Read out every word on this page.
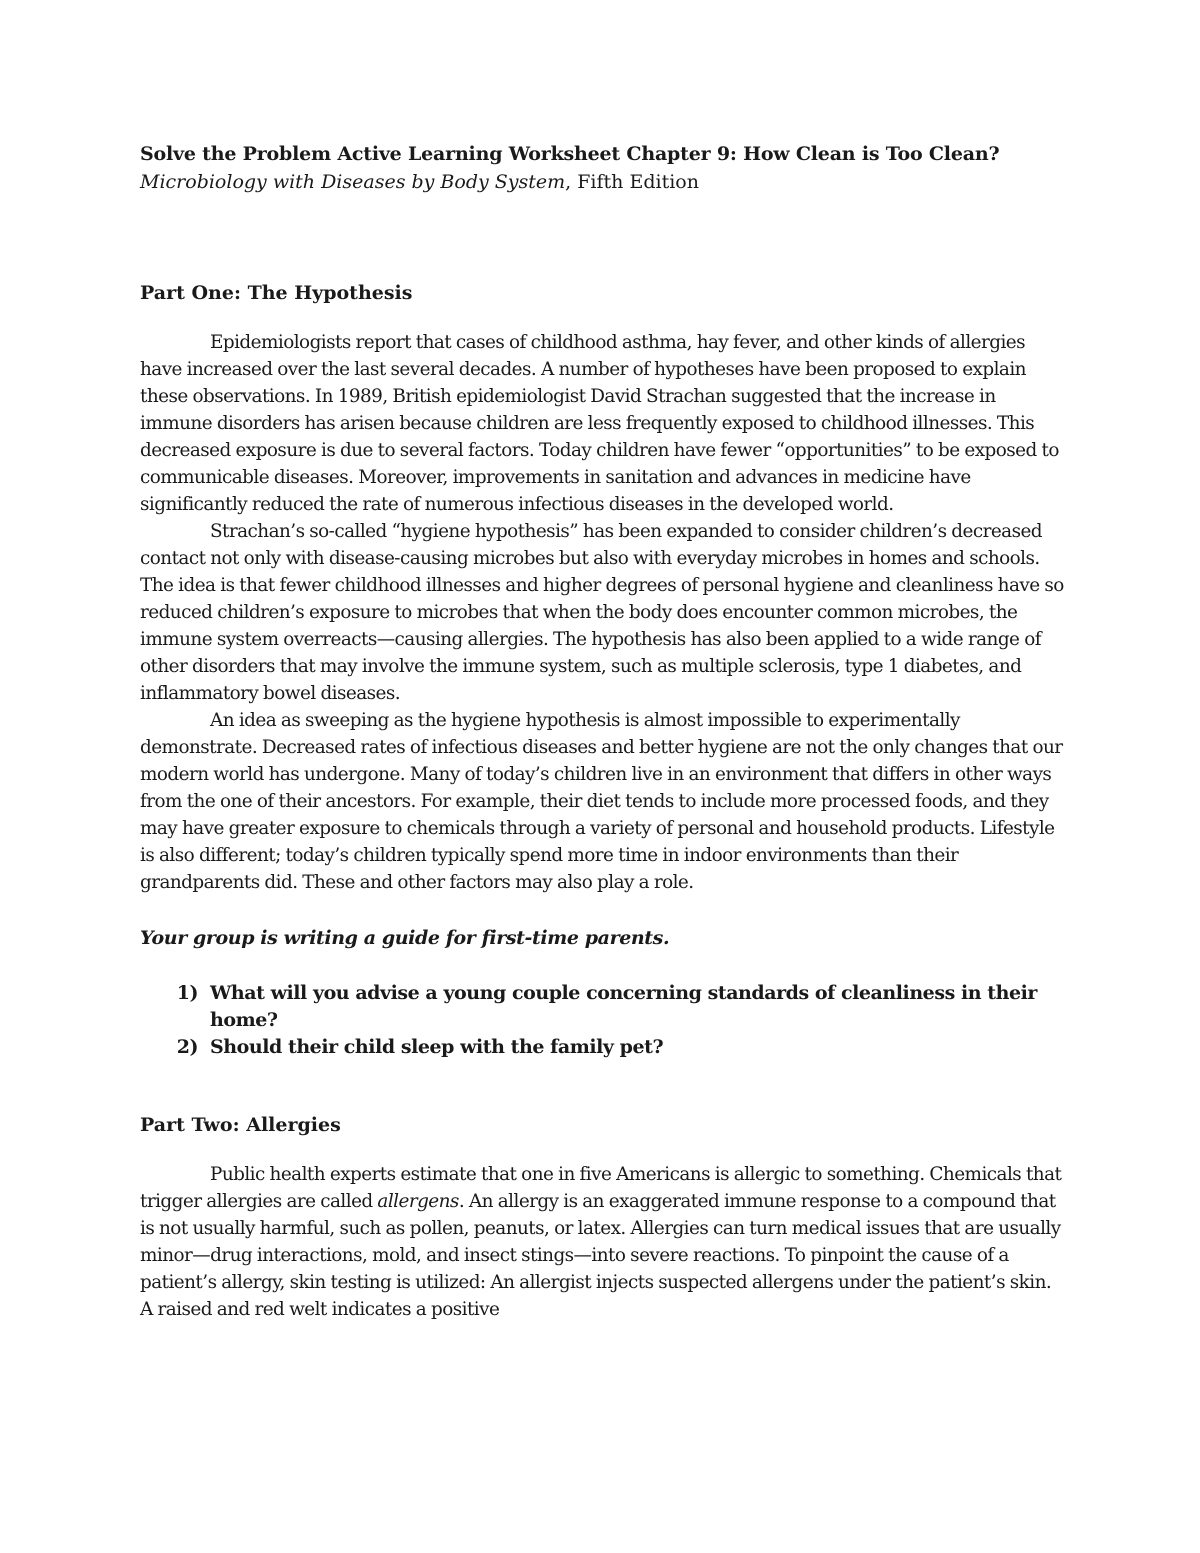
Solve the Problem Active Learning Worksheet Chapter 9: How Clean is Too Clean?

Microbiology with Diseases by Body System, Fifth Edition

Part One: The Hypothesis

Epidemiologists report that cases of childhood asthma, hay fever, and other kinds of allergies have increased over the last several decades. A number of hypotheses have been proposed to explain these observations. In 1989, British epidemiologist David Strachan suggested that the increase in immune disorders has arisen because children are less frequently exposed to childhood illnesses. This decreased exposure is due to several factors. Today children have fewer “opportunities” to be exposed to communicable diseases. Moreover, improvements in sanitation and advances in medicine have significantly reduced the rate of numerous infectious diseases in the developed world.

Strachan’s so-called “hygiene hypothesis” has been expanded to consider children’s decreased contact not only with disease-causing microbes but also with everyday microbes in homes and schools. The idea is that fewer childhood illnesses and higher degrees of personal hygiene and cleanliness have so reduced children’s exposure to microbes that when the body does encounter common microbes, the immune system overreacts—causing allergies. The hypothesis has also been applied to a wide range of other disorders that may involve the immune system, such as multiple sclerosis, type 1 diabetes, and inflammatory bowel diseases.

An idea as sweeping as the hygiene hypothesis is almost impossible to experimentally demonstrate. Decreased rates of infectious diseases and better hygiene are not the only changes that our modern world has undergone. Many of today’s children live in an environment that differs in other ways from the one of their ancestors. For example, their diet tends to include more processed foods, and they may have greater exposure to chemicals through a variety of personal and household products. Lifestyle is also different; today’s children typically spend more time in indoor environments than their grandparents did. These and other factors may also play a role.

Your group is writing a guide for first-time parents.

1) What will you advise a young couple concerning standards of cleanliness in their home?
2) Should their child sleep with the family pet?

Part Two: Allergies

Public health experts estimate that one in five Americans is allergic to something. Chemicals that trigger allergies are called allergens. An allergy is an exaggerated immune response to a compound that is not usually harmful, such as pollen, peanuts, or latex. Allergies can turn medical issues that are usually minor—drug interactions, mold, and insect stings—into severe reactions. To pinpoint the cause of a patient’s allergy, skin testing is utilized: An allergist injects suspected allergens under the patient’s skin. A raised and red welt indicates a positive
